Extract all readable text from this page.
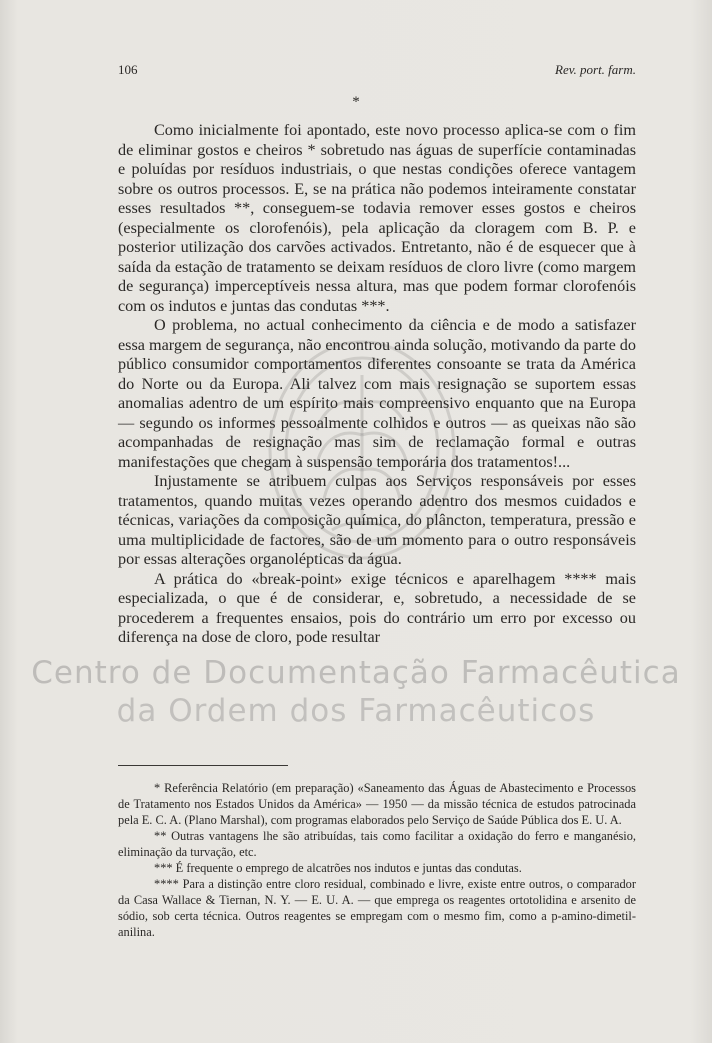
106	Rev. port. farm.
*

Como inicialmente foi apontado, este novo processo aplica-se com o fim de eliminar gostos e cheiros * sobretudo nas águas de superfície contaminadas e poluídas por resíduos industriais, o que nestas condições oferece vantagem sobre os outros processos. E, se na prática não podemos inteiramente constatar esses resultados **, conseguem-se todavia remover esses gostos e cheiros (especialmente os clorofenóis), pela aplicação da cloragem com B. P. e posterior utilização dos carvões activados. Entretanto, não é de esquecer que à saída da estação de tratamento se deixam resíduos de cloro livre (como margem de segurança) imperceptíveis nessa altura, mas que podem formar clorofenóis com os indutos e juntas das condutas ***.

O problema, no actual conhecimento da ciência e de modo a satisfazer essa margem de segurança, não encontrou ainda solução, motivando da parte do público consumidor comportamentos diferentes consoante se trata da América do Norte ou da Europa. Ali talvez com mais resignação se suportem essas anomalias adentro de um espírito mais compreensivo enquanto que na Europa — segundo os informes pessoalmente colhidos e outros — as queixas não são acompanhadas de resignação mas sim de reclamação formal e outras manifestações que chegam à suspensão temporária dos tratamentos!...

Injustamente se atribuem culpas aos Serviços responsáveis por esses tratamentos, quando muitas vezes operando adentro dos mesmos cuidados e técnicas, variações da composição química, do plâncton, temperatura, pressão e uma multiplicidade de factores, são de um momento para o outro responsáveis por essas alterações organolépticas da água.

A prática do «break-point» exige técnicos e aparelhagem **** mais especializada, o que é de considerar, e, sobretudo, a necessidade de se procederem a frequentes ensaios, pois do contrário um erro por excesso ou diferença na dose de cloro, pode resultar

Centro de Documentação Farmacêutica
da Ordem dos Farmacêuticos

* Referência Relatório (em preparação) «Saneamento das Águas de Abastecimento e Processos de Tratamento nos Estados Unidos da América» — 1950 — da missão técnica de estudos patrocinada pela E. C. A. (Plano Marshal), com programas elaborados pelo Serviço de Saúde Pública dos E. U. A.

** Outras vantagens lhe são atribuídas, tais como facilitar a oxidação do ferro e manganésio, eliminação da turvação, etc.

*** É frequente o emprego de alcatrões nos indutos e juntas das condutas.

**** Para a distinção entre cloro residual, combinado e livre, existe entre outros, o comparador da Casa Wallace & Tiernan, N. Y. — E. U. A. — que emprega os reagentes ortotolidina e arsenito de sódio, sob certa técnica. Outros reagentes se empregam com o mesmo fim, como a p-amino-dimetil-anilina.
